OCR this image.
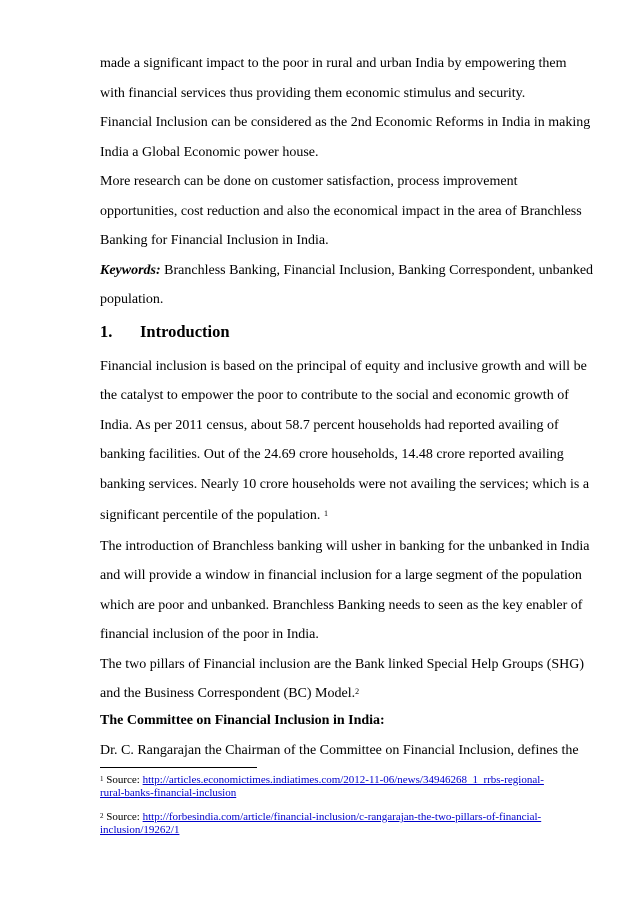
made a significant impact to the poor in rural and urban India by empowering them
with financial services thus providing them economic stimulus and security.
Financial Inclusion can be considered as the 2nd Economic Reforms in India in making
India a Global Economic power house.
More research can be done on customer satisfaction, process improvement
opportunities, cost reduction and also the economical impact in the area of Branchless
Banking for Financial Inclusion in India.
Keywords: Branchless Banking, Financial Inclusion, Banking Correspondent, unbanked
population.
1. Introduction
Financial inclusion is based on the principal of equity and inclusive growth and will be
the catalyst to empower the poor to contribute to the social and economic growth of
India. As per 2011 census, about 58.7 percent households had reported availing of
banking facilities. Out of the 24.69 crore households, 14.48 crore reported availing
banking services. Nearly 10 crore households were not availing the services; which is a
significant percentile of the population. $^1$
The introduction of Branchless banking will usher in banking for the unbanked in India
and will provide a window in financial inclusion for a large segment of the population
which are poor and unbanked. Branchless Banking needs to seen as the key enabler of
financial inclusion of the poor in India.
The two pillars of Financial inclusion are the Bank linked Special Help Groups (SHG)
and the Business Correspondent (BC) Model.$^2$
The Committee on Financial Inclusion in India:
Dr. C. Rangarajan the Chairman of the Committee on Financial Inclusion, defines the
$^1$ Source: http://articles.economictimes.indiatimes.com/2012-11-06/news/34946268_1_rrbs-regional-
rural-banks-financial-inclusion
$^2$ Source: http://forbesindia.com/article/financial-inclusion/c-rangarajan-the-two-pillars-of-financial-
inclusion/19262/1
